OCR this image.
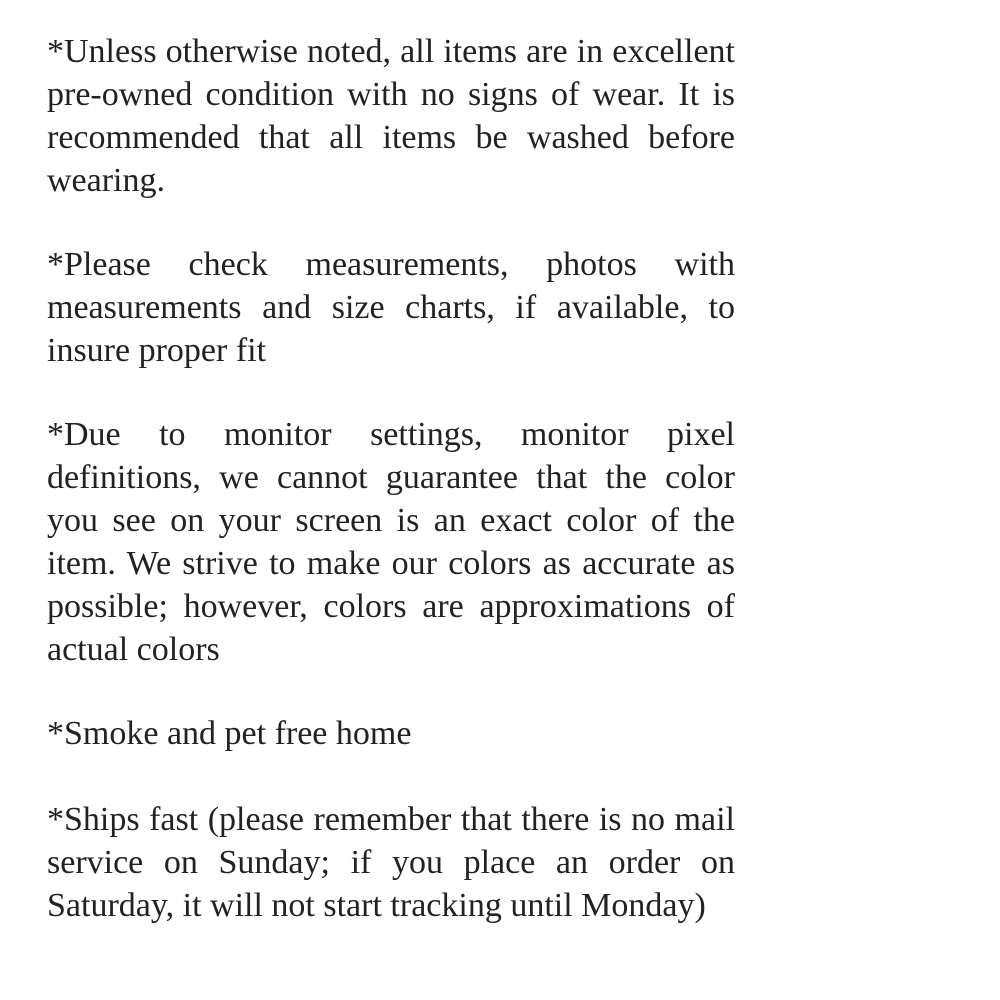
*Unless otherwise noted, all items are in excellent pre-owned condition with no signs of wear. It is recommended that all items be washed before wearing.

*Please check measurements, photos with measurements and size charts, if available, to insure proper fit

*Due to monitor settings, monitor pixel definitions, we cannot guarantee that the color you see on your screen is an exact color of the item. We strive to make our colors as accurate as possible; however, colors are approximations of actual colors

*Smoke and pet free home

*Ships fast (please remember that there is no mail service on Sunday; if you place an order on Saturday, it will not start tracking until Monday)
